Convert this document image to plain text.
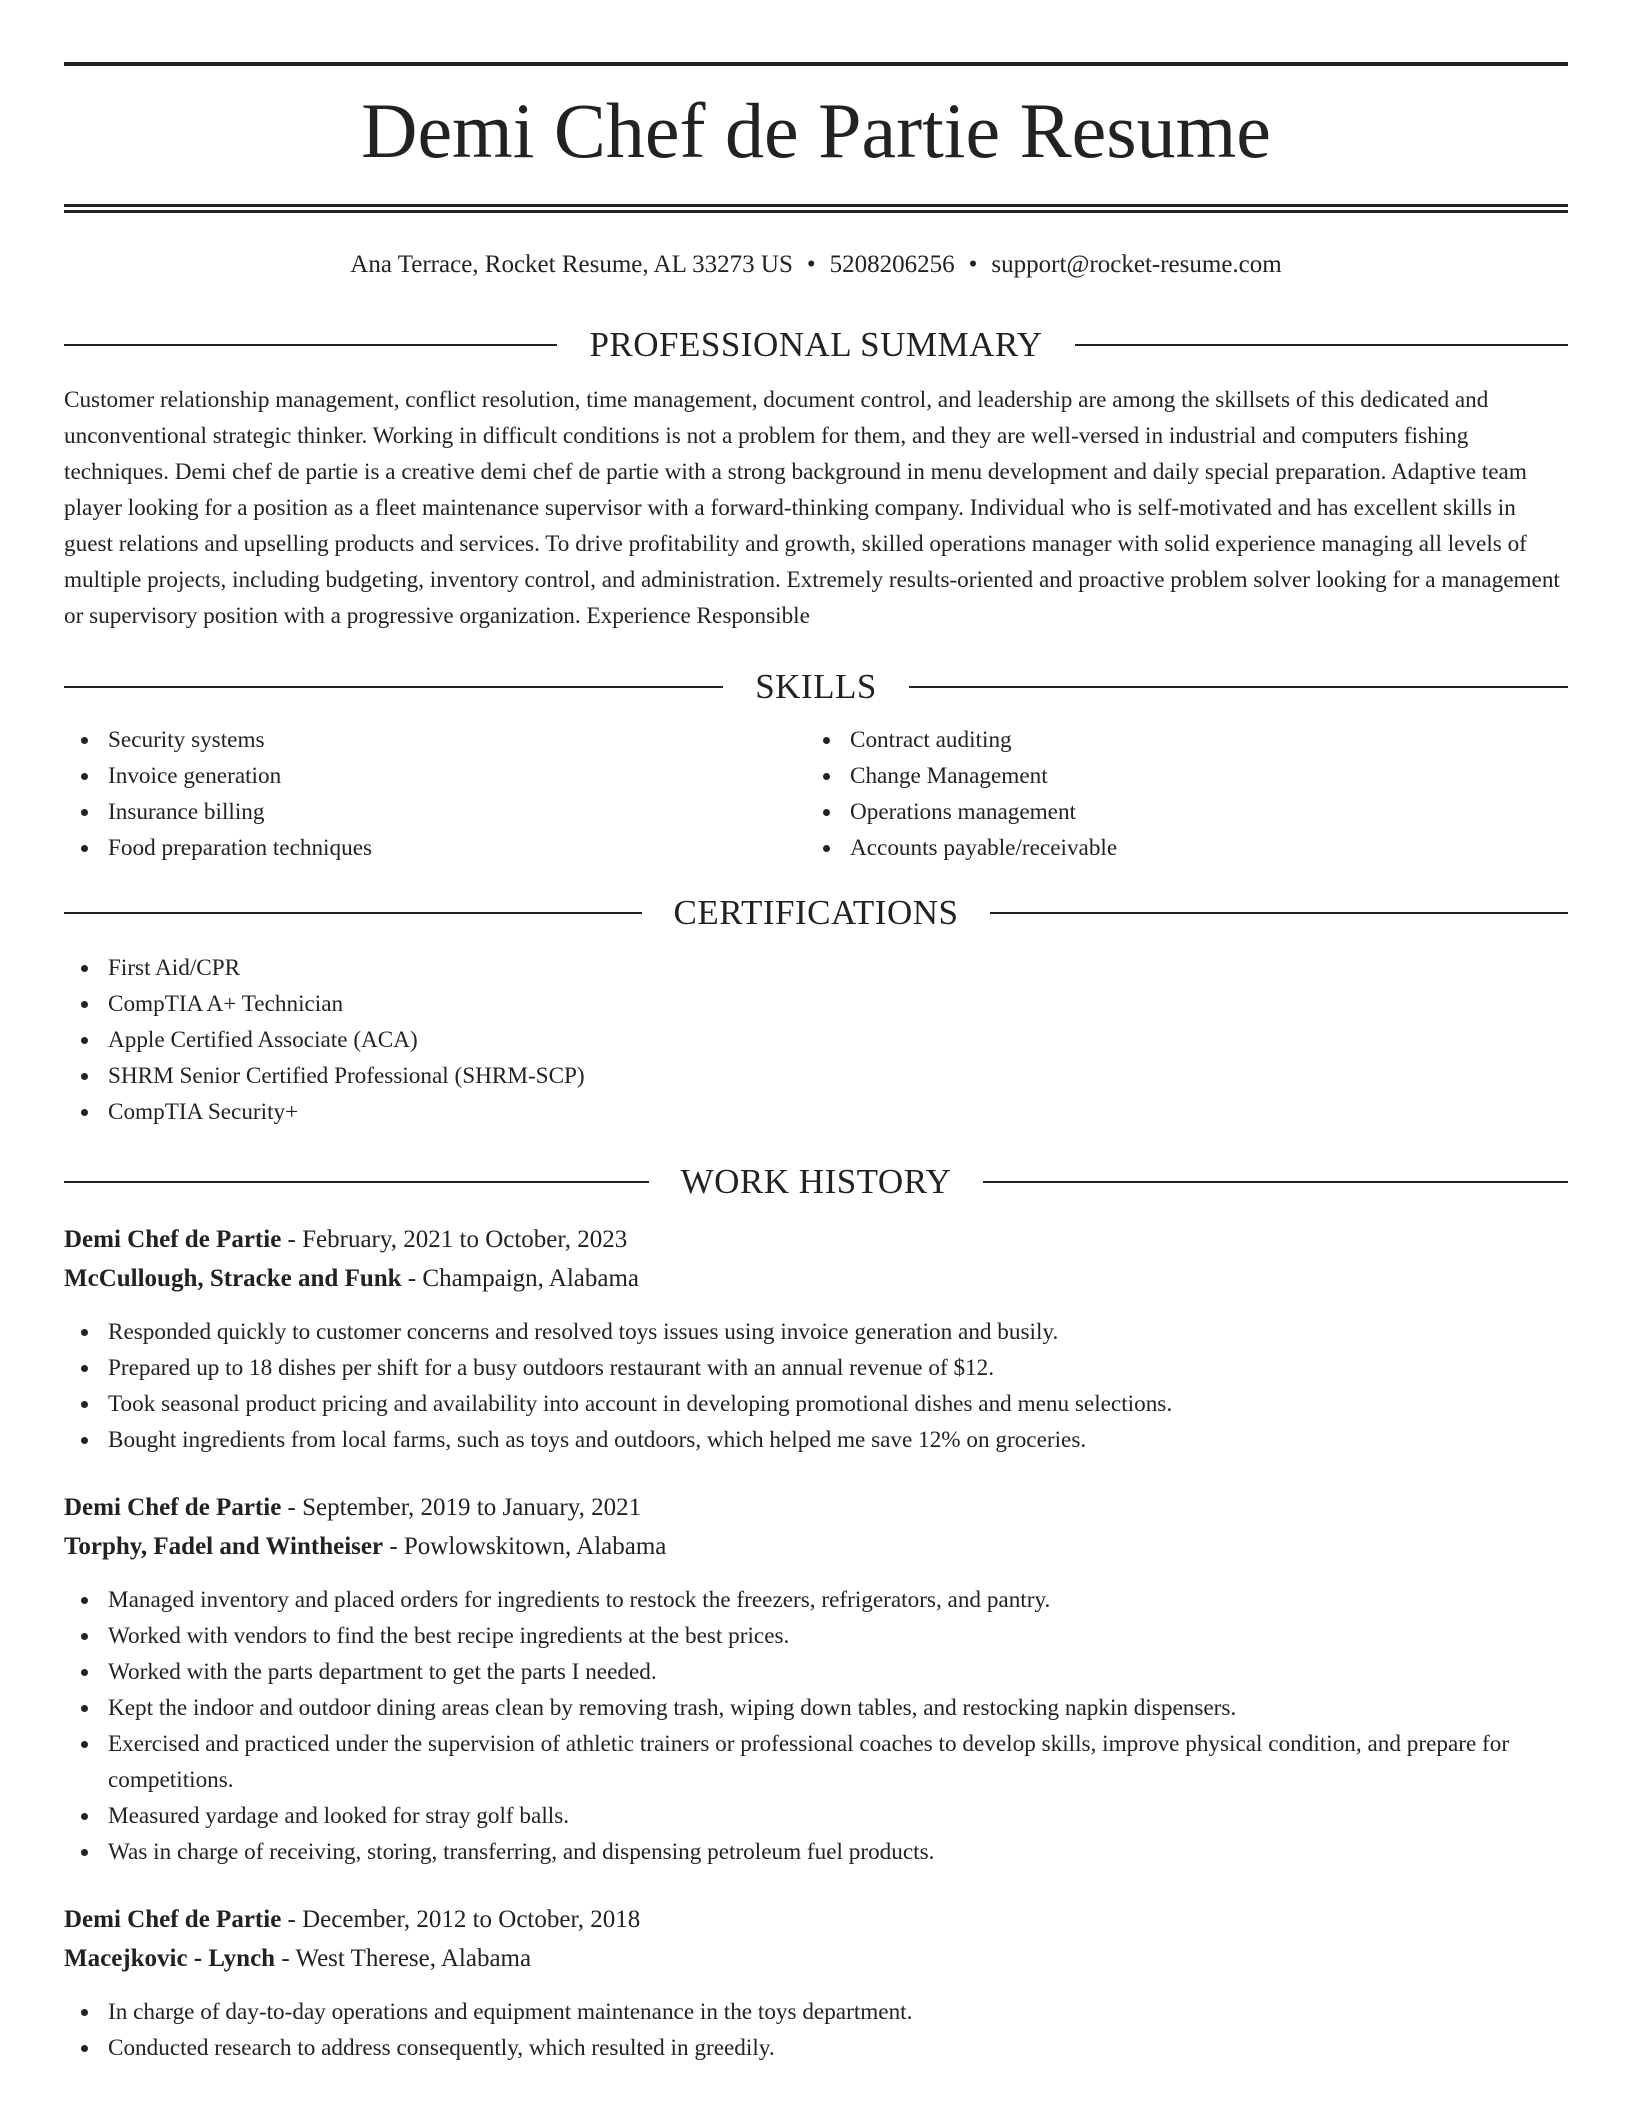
Demi Chef de Partie Resume
Ana Terrace, Rocket Resume, AL 33273 US • 5208206256 • support@rocket-resume.com
PROFESSIONAL SUMMARY

Customer relationship management, conflict resolution, time management, document control, and leadership are among the skillsets of this dedicated and unconventional strategic thinker. Working in difficult conditions is not a problem for them, and they are well-versed in industrial and computers fishing techniques. Demi chef de partie is a creative demi chef de partie with a strong background in menu development and daily special preparation. Adaptive team player looking for a position as a fleet maintenance supervisor with a forward-thinking company. Individual who is self-motivated and has excellent skills in guest relations and upselling products and services. To drive profitability and growth, skilled operations manager with solid experience managing all levels of multiple projects, including budgeting, inventory control, and administration. Extremely results-oriented and proactive problem solver looking for a management or supervisory position with a progressive organization. Experience Responsible

SKILLS
Security systems
Invoice generation
Insurance billing
Food preparation techniques
Contract auditing
Change Management
Operations management
Accounts payable/receivable
CERTIFICATIONS
First Aid/CPR
CompTIA A+ Technician
Apple Certified Associate (ACA)
SHRM Senior Certified Professional (SHRM-SCP)
CompTIA Security+
WORK HISTORY
Demi Chef de Partie - February, 2021 to October, 2023
McCullough, Stracke and Funk - Champaign, Alabama
Responded quickly to customer concerns and resolved toys issues using invoice generation and busily.
Prepared up to 18 dishes per shift for a busy outdoors restaurant with an annual revenue of $12.
Took seasonal product pricing and availability into account in developing promotional dishes and menu selections.
Bought ingredients from local farms, such as toys and outdoors, which helped me save 12% on groceries.
Demi Chef de Partie - September, 2019 to January, 2021
Torphy, Fadel and Wintheiser - Powlowskitown, Alabama
Managed inventory and placed orders for ingredients to restock the freezers, refrigerators, and pantry.
Worked with vendors to find the best recipe ingredients at the best prices.
Worked with the parts department to get the parts I needed.
Kept the indoor and outdoor dining areas clean by removing trash, wiping down tables, and restocking napkin dispensers.
Exercised and practiced under the supervision of athletic trainers or professional coaches to develop skills, improve physical condition, and prepare for competitions.
Measured yardage and looked for stray golf balls.
Was in charge of receiving, storing, transferring, and dispensing petroleum fuel products.
Demi Chef de Partie - December, 2012 to October, 2018
Macejkovic - Lynch - West Therese, Alabama
In charge of day-to-day operations and equipment maintenance in the toys department.
Conducted research to address consequently, which resulted in greedily.
